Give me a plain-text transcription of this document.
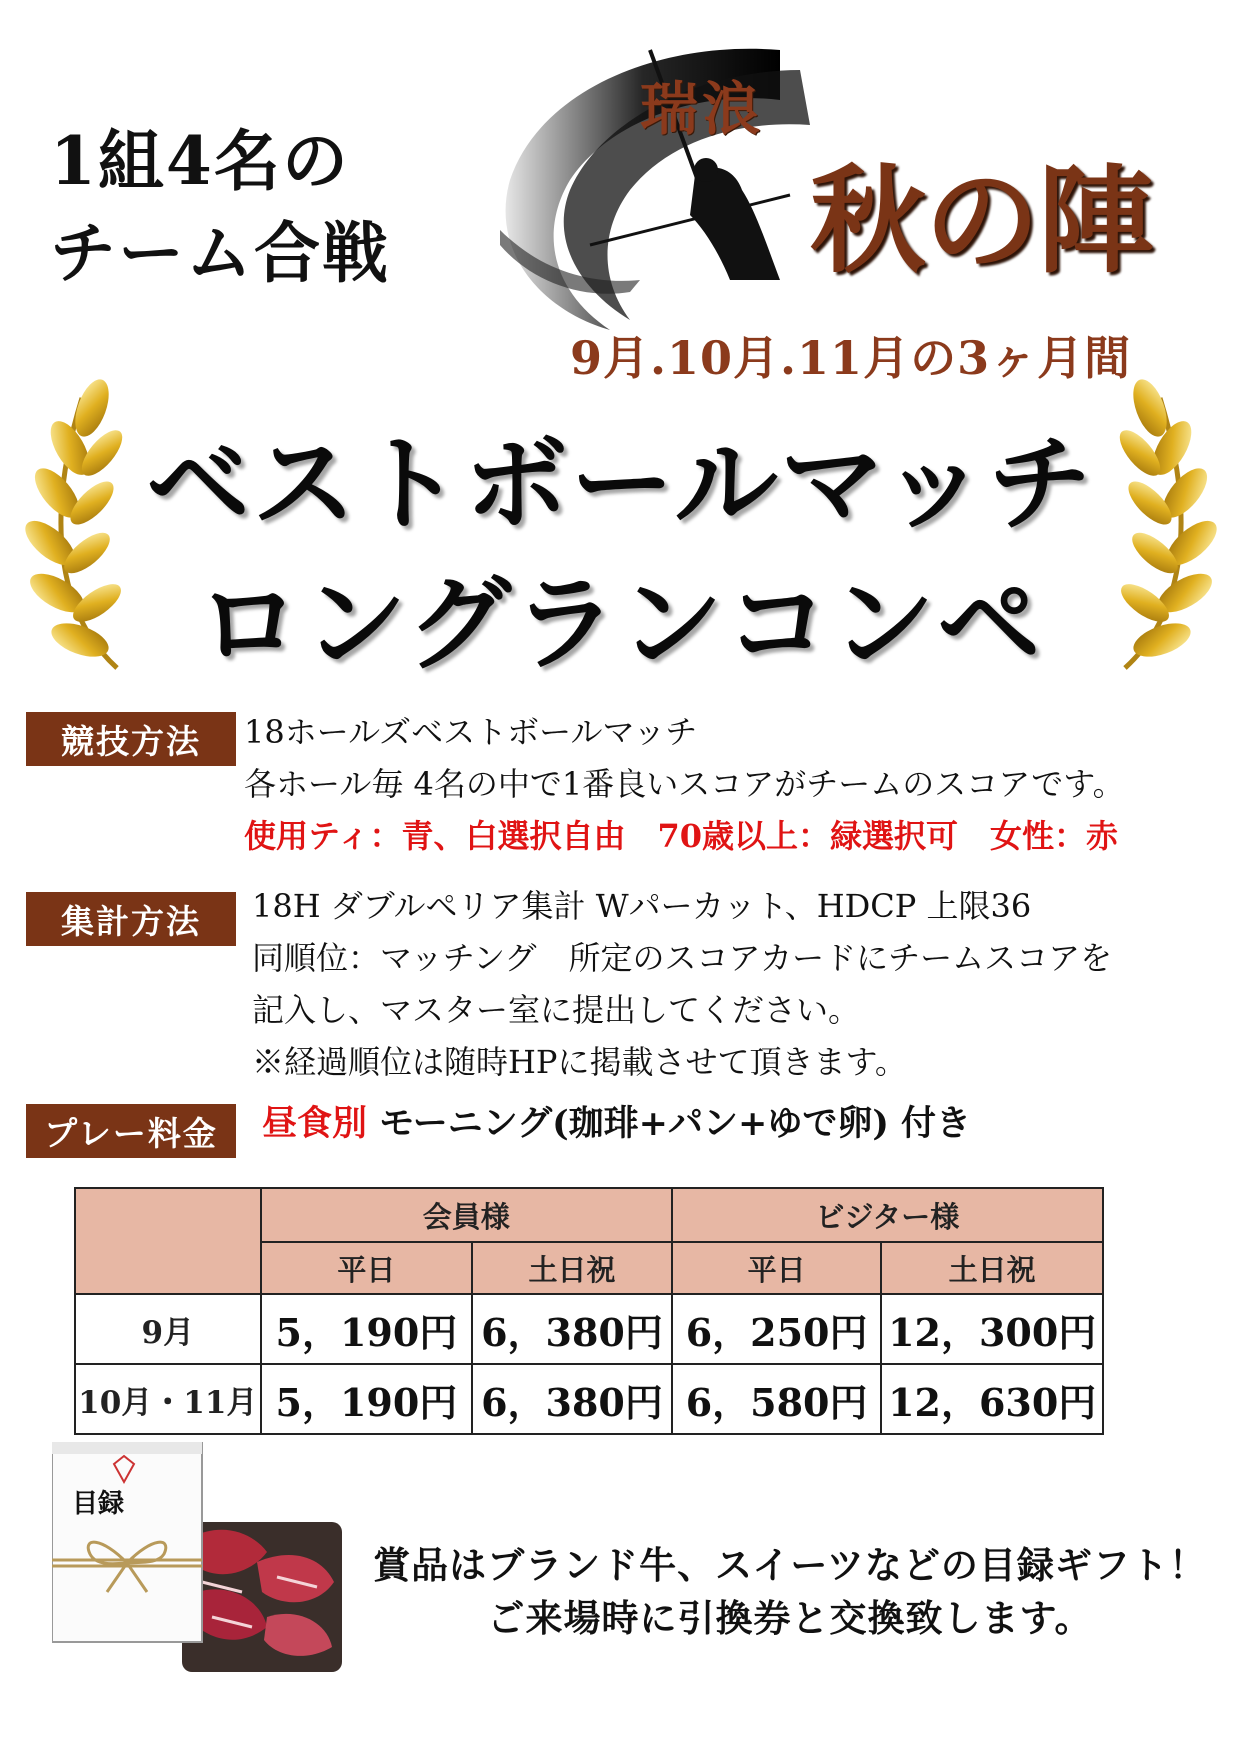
1組4名の
チーム合戦
瑞浪
秋の陣
9月.10月.11月の3ヶ月間
ベストボールマッチ
ロングランコンペ
競技方法	18ホールズベストボールマッチ
各ホール毎 4名の中で1番良いスコアがチームのスコアです。
使用ティ：青、白選択自由　70歳以上：緑選択可　女性：赤
集計方法	18H ダブルペリア集計 Wパーカット、HDCP 上限36
同順位：マッチング　所定のスコアカードにチームスコアを
記入し、マスター室に提出してください。
※経過順位は随時HPに掲載させて頂きます。
プレー料金	昼食別 モーニング(珈琲+パン+ゆで卵) 付き
	会員様		ビジター様	
	平日	土日祝	平日	土日祝
9月	5，190円	6，380円	6，250円	12，300円
10月・11月	5，190円	6，380円	6，580円	12，630円
目録
賞品はブランド牛、スイーツなどの目録ギフト！
ご来場時に引換券と交換致します。
